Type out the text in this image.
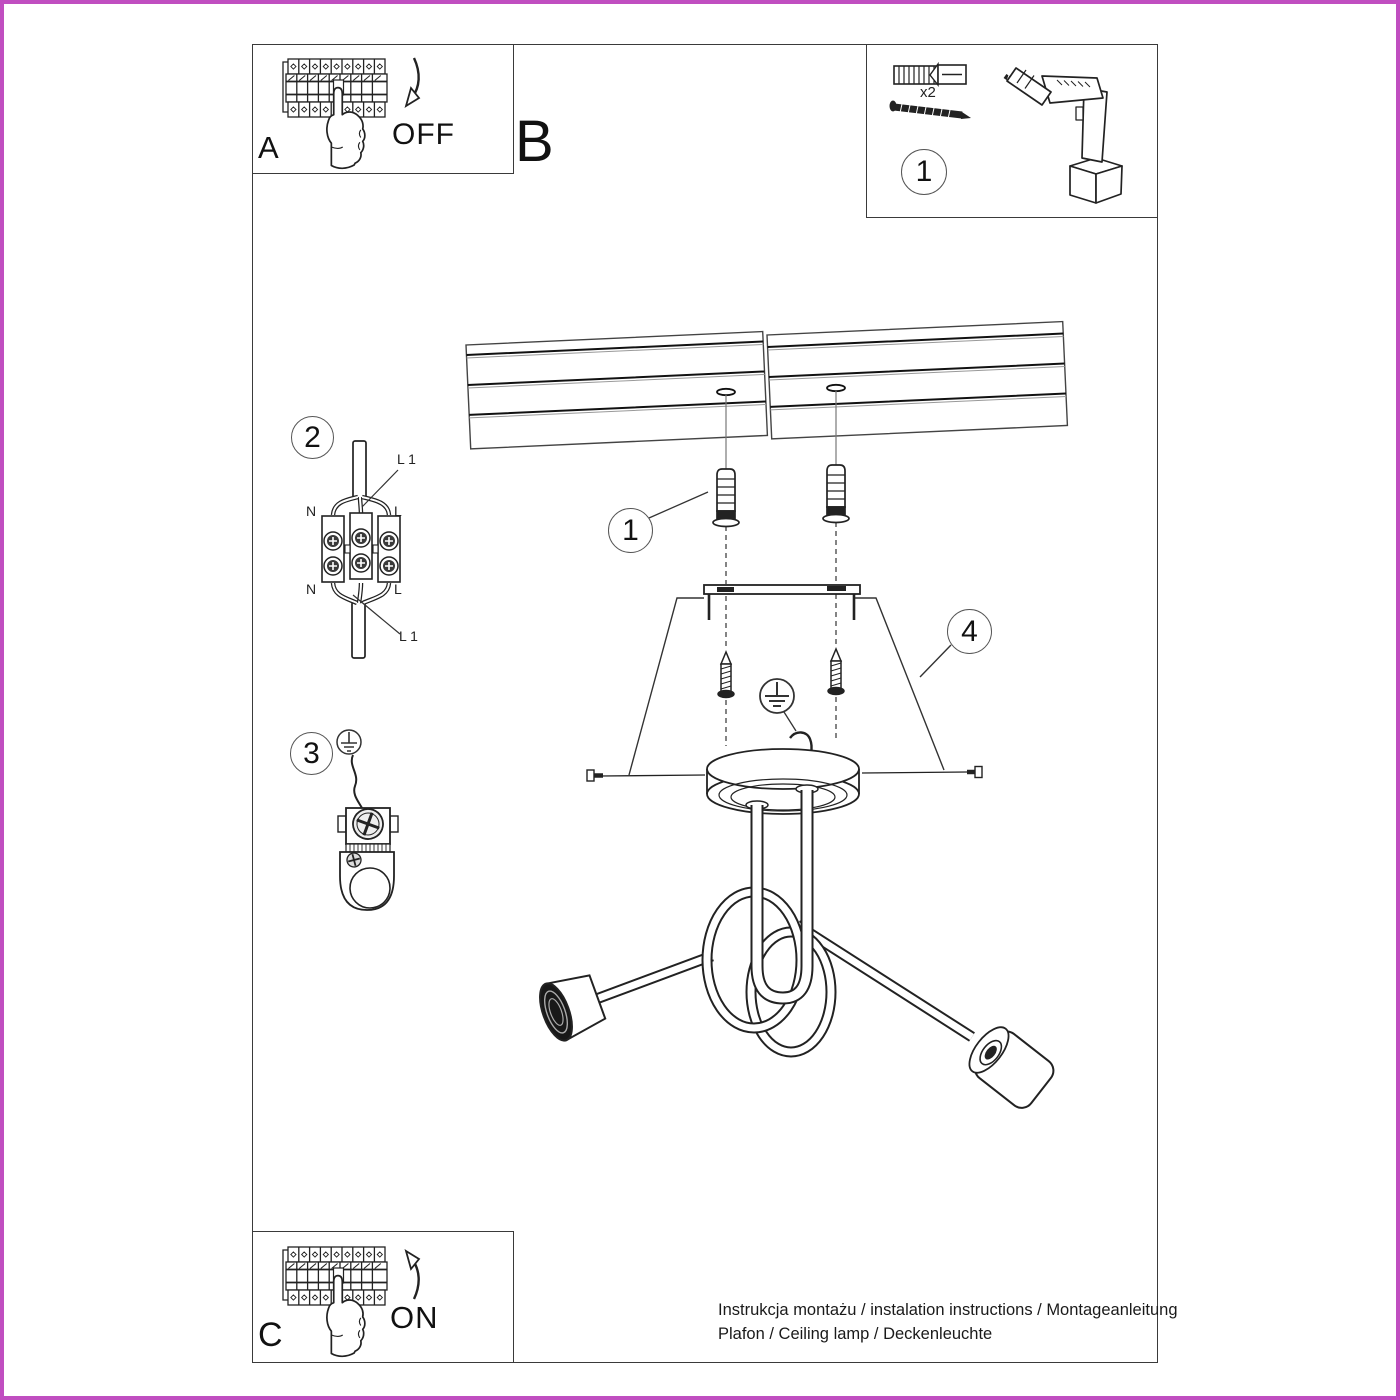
A	OFF B
C	ON
x2
1
2
3
1
4
L 1
N	L
N	L
L 1
Instrukcja montażu / instalation instructions / Montageanleitung
Plafon / Ceiling lamp / Deckenleuchte
